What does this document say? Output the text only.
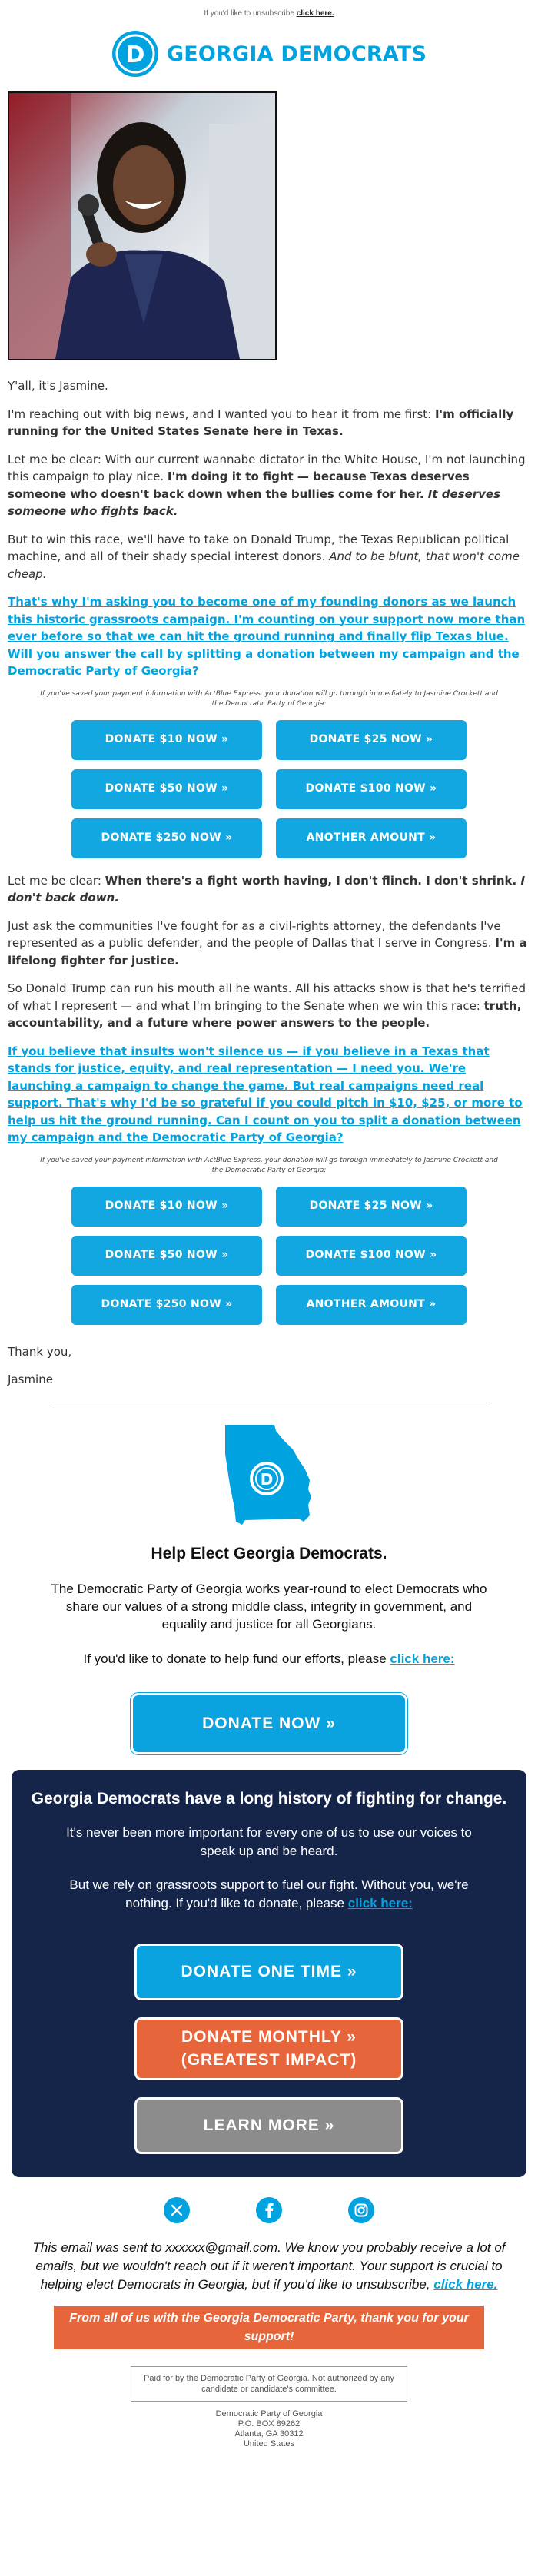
If you'd like to unsubscribe click here.
D GEORGIA DEMOCRATS

Y'all, it's Jasmine.

I'm reaching out with big news, and I wanted you to hear it from me first: I'm officially running for the United States Senate here in Texas.

Let me be clear: With our current wannabe dictator in the White House, I'm not launching this campaign to play nice. I'm doing it to fight — because Texas deserves someone who doesn't back down when the bullies come for her. It deserves someone who fights back.

But to win this race, we'll have to take on Donald Trump, the Texas Republican political machine, and all of their shady special interest donors. And to be blunt, that won't come cheap.

That's why I'm asking you to become one of my founding donors as we launch this historic grassroots campaign. I'm counting on your support now more than ever before so that we can hit the ground running and finally flip Texas blue. Will you answer the call by splitting a donation between my campaign and the Democratic Party of Georgia?

If you've saved your payment information with ActBlue Express, your donation will go through immediately to Jasmine Crockett and the Democratic Party of Georgia:
DONATE $10 NOW »	DONATE $25 NOW »
DONATE $50 NOW »	DONATE $100 NOW »
DONATE $250 NOW »	ANOTHER AMOUNT »

Let me be clear: When there's a fight worth having, I don't flinch. I don't shrink. I don't back down.

Just ask the communities I've fought for as a civil-rights attorney, the defendants I've represented as a public defender, and the people of Dallas that I serve in Congress. I'm a lifelong fighter for justice.

So Donald Trump can run his mouth all he wants. All his attacks show is that he's terrified of what I represent — and what I'm bringing to the Senate when we win this race: truth, accountability, and a future where power answers to the people.

If you believe that insults won't silence us — if you believe in a Texas that stands for justice, equity, and real representation — I need you. We're launching a campaign to change the game. But real campaigns need real support. That's why I'd be so grateful if you could pitch in $10, $25, or more to help us hit the ground running. Can I count on you to split a donation between my campaign and the Democratic Party of Georgia?

If you've saved your payment information with ActBlue Express, your donation will go through immediately to Jasmine Crockett and the Democratic Party of Georgia:
DONATE $10 NOW »	DONATE $25 NOW »
DONATE $50 NOW »	DONATE $100 NOW »
DONATE $250 NOW »	ANOTHER AMOUNT »

Thank you,

Jasmine

D
Help Elect Georgia Democrats.
The Democratic Party of Georgia works year-round to elect Democrats who share our values of a strong middle class, integrity in government, and equality and justice for all Georgians.
If you'd like to donate to help fund our efforts, please click here:
DONATE NOW »
Georgia Democrats have a long history of fighting for change.

It's never been more important for every one of us to use our voices to speak up and be heard.

But we rely on grassroots support to fuel our fight. Without you, we're nothing. If you'd like to donate, please click here:

DONATE ONE TIME »
DONATE MONTHLY »
(GREATEST IMPACT)
LEARN MORE »
This email was sent to xxxxxx@gmail.com. We know you probably receive a lot of emails, but we wouldn't reach out if it weren't important. Your support is crucial to helping elect Democrats in Georgia, but if you'd like to unsubscribe, click here.
From all of us with the Georgia Democratic Party, thank you for your support!
Paid for by the Democratic Party of Georgia. Not authorized by any candidate or candidate's committee.
Democratic Party of Georgia
P.O. BOX 89262
Atlanta, GA 30312
United States
